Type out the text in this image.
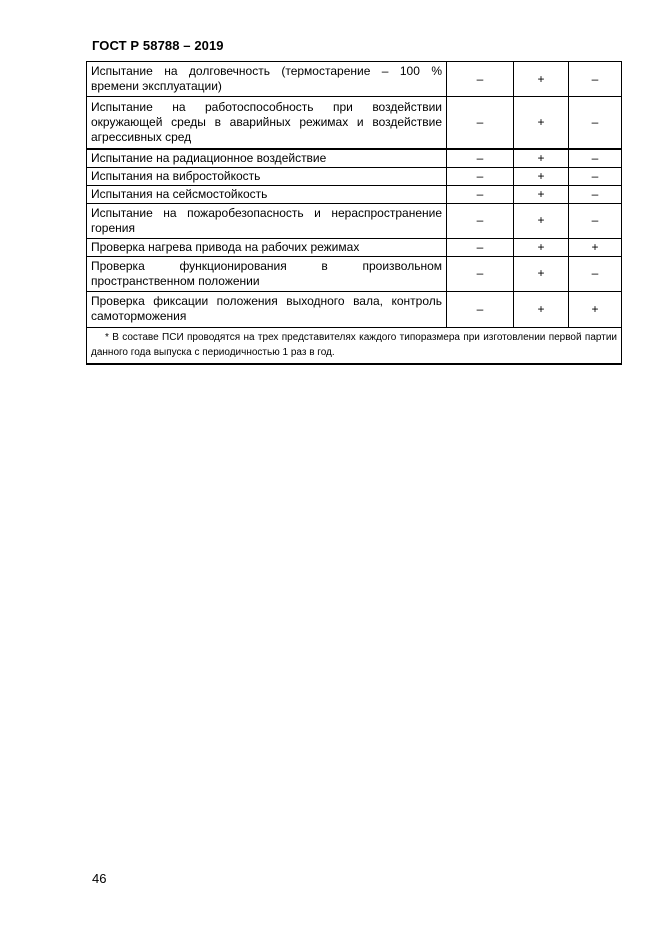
ГОСТ Р 58788 – 2019
Испытание на долговечность (термостарение – 100 % времени эксплуатации)	–	+	–
Испытание на работоспособность при воздействии окружающей среды в аварийных режимах и воздействие агрессивных сред	–	+	–
Испытание на радиационное воздействие	–	+	–
Испытания на вибростойкость	–	+	–
Испытания на сейсмостойкость	–	+	–
Испытание на пожаробезопасность и нераспространение горения	–	+	–
Проверка нагрева привода на рабочих режимах	–	+	+
Проверка функционирования в произвольном пространственном положении	–	+	–
Проверка фиксации положения выходного вала, контроль самоторможения	–	+	+
* В составе ПСИ проводятся на трех представителях каждого типоразмера при изготовлении первой партии данного года выпуска с периодичностью 1 раз в год.			
46
